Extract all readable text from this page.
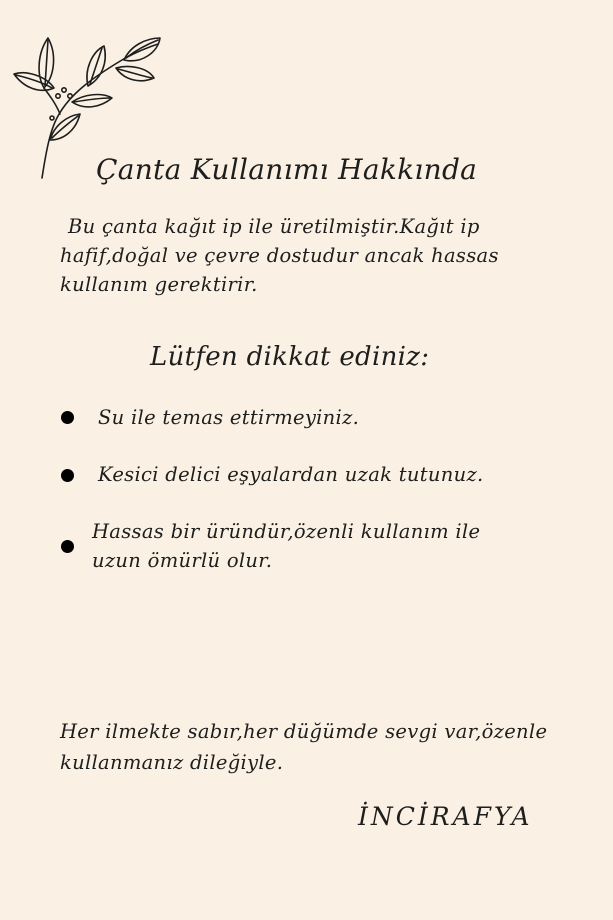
Çanta Kullanımı Hakkında
Bu çanta kağıt ip ile üretilmiştir.Kağıt ip
hafif,doğal ve çevre dostudur ancak hassas
kullanım gerektirir.
Lütfen dikkat ediniz:
Su ile temas ettirmeyiniz.
Kesici delici eşyalardan uzak tutunuz.
Hassas bir üründür,özenli kullanım ile
uzun ömürlü olur.
Her ilmekte sabır,her düğümde sevgi var,özenle
kullanmanız dileğiyle.
İNCİRAFYA
